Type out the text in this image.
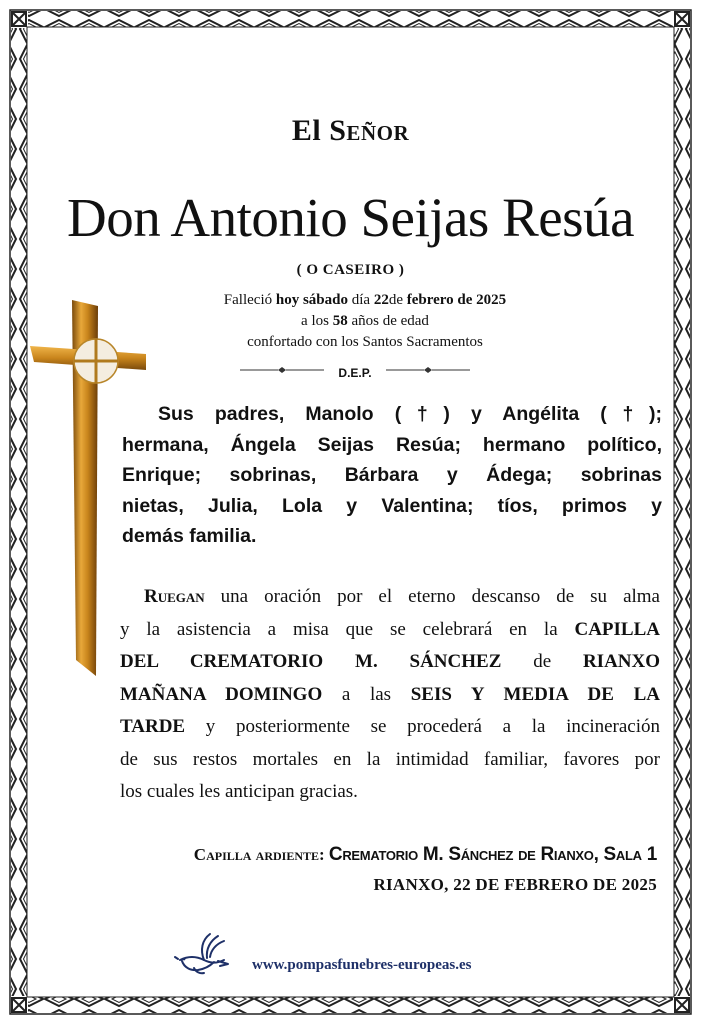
El Señor
Don Antonio Seijas Resúa
( O CASEIRO )
Falleció hoy sábado día 22de febrero de 2025
a los 58 años de edad
confortado con los Santos Sacramentos
D.E.P.
Sus padres, Manolo (†) y Angélita (†);
hermana, Ángela Seijas Resúa; hermano político,
Enrique; sobrinas, Bárbara y Ádega; sobrinas
nietas, Julia, Lola y Valentina; tíos, primos y
demás familia.
Ruegan una oración por el eterno descanso de su alma
y la asistencia a misa que se celebrará en la CAPILLA
DEL CREMATORIO M. SÁNCHEZ de RIANXO
MAÑANA DOMINGO a las SEIS Y MEDIA DE LA
TARDE y posteriormente se procederá a la incineración
de sus restos mortales en la intimidad familiar, favores por
los cuales les anticipan gracias.
Capilla ardiente: Crematorio M. Sánchez de Rianxo, Sala 1
RIANXO, 22 DE FEBRERO DE 2025
www.pompasfunebres-europeas.es
